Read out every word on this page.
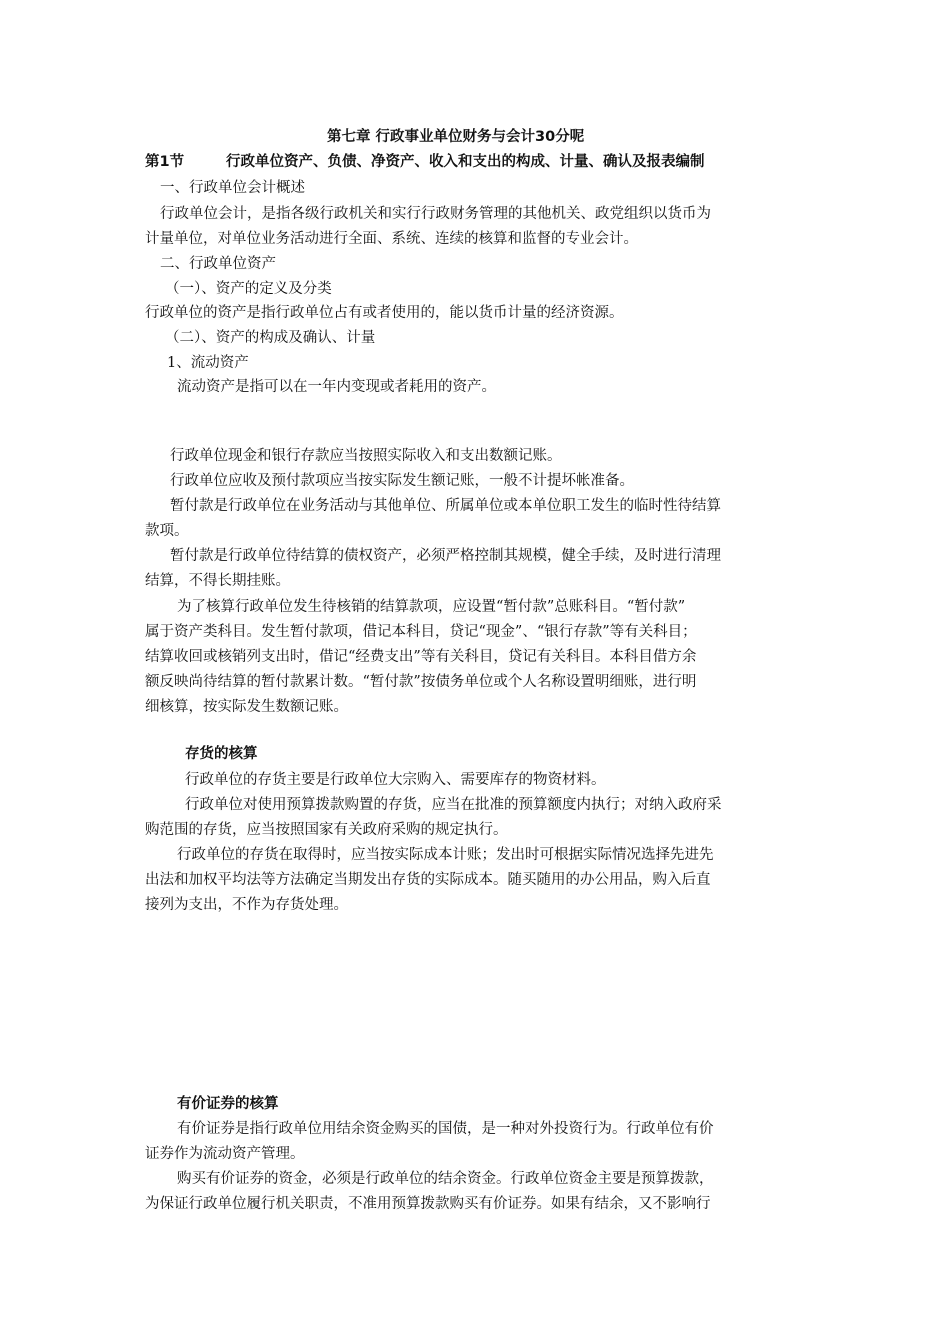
第七章 行政事业单位财务与会计30分呢
第1节	行政单位资产、负债、净资产、收入和支出的构成、计量、确认及报表编制
一、行政单位会计概述
行政单位会计，是指各级行政机关和实行行政财务管理的其他机关、政党组织以货币为
计量单位，对单位业务活动进行全面、系统、连续的核算和监督的专业会计。
二、行政单位资产
（一）、资产的定义及分类
行政单位的资产是指行政单位占有或者使用的，能以货币计量的经济资源。
（二）、资产的构成及确认、计量
1、流动资产
流动资产是指可以在一年内变现或者耗用的资产。
行政单位现金和银行存款应当按照实际收入和支出数额记账。
行政单位应收及预付款项应当按实际发生额记账，一般不计提坏帐准备。
暂付款是行政单位在业务活动与其他单位、所属单位或本单位职工发生的临时性待结算
款项。
暂付款是行政单位待结算的债权资产，必须严格控制其规模，健全手续，及时进行清理
结算，不得长期挂账。
为了核算行政单位发生待核销的结算款项，应设置“暂付款”总账科目。“暂付款”
属于资产类科目。发生暂付款项，借记本科目，贷记“现金”、“银行存款”等有关科目；
结算收回或核销列支出时，借记“经费支出”等有关科目，贷记有关科目。本科目借方余
额反映尚待结算的暂付款累计数。“暂付款”按债务单位或个人名称设置明细账，进行明
细核算，按实际发生数额记账。
存货的核算
行政单位的存货主要是行政单位大宗购入、需要库存的物资材料。
行政单位对使用预算拨款购置的存货，应当在批准的预算额度内执行；对纳入政府采
购范围的存货，应当按照国家有关政府采购的规定执行。
行政单位的存货在取得时，应当按实际成本计账；发出时可根据实际情况选择先进先
出法和加权平均法等方法确定当期发出存货的实际成本。随买随用的办公用品，购入后直
接列为支出，不作为存货处理。
有价证券的核算
有价证券是指行政单位用结余资金购买的国债，是一种对外投资行为。行政单位有价
证券作为流动资产管理。
购买有价证券的资金，必须是行政单位的结余资金。行政单位资金主要是预算拨款，
为保证行政单位履行机关职责，不准用预算拨款购买有价证券。如果有结余，又不影响行
